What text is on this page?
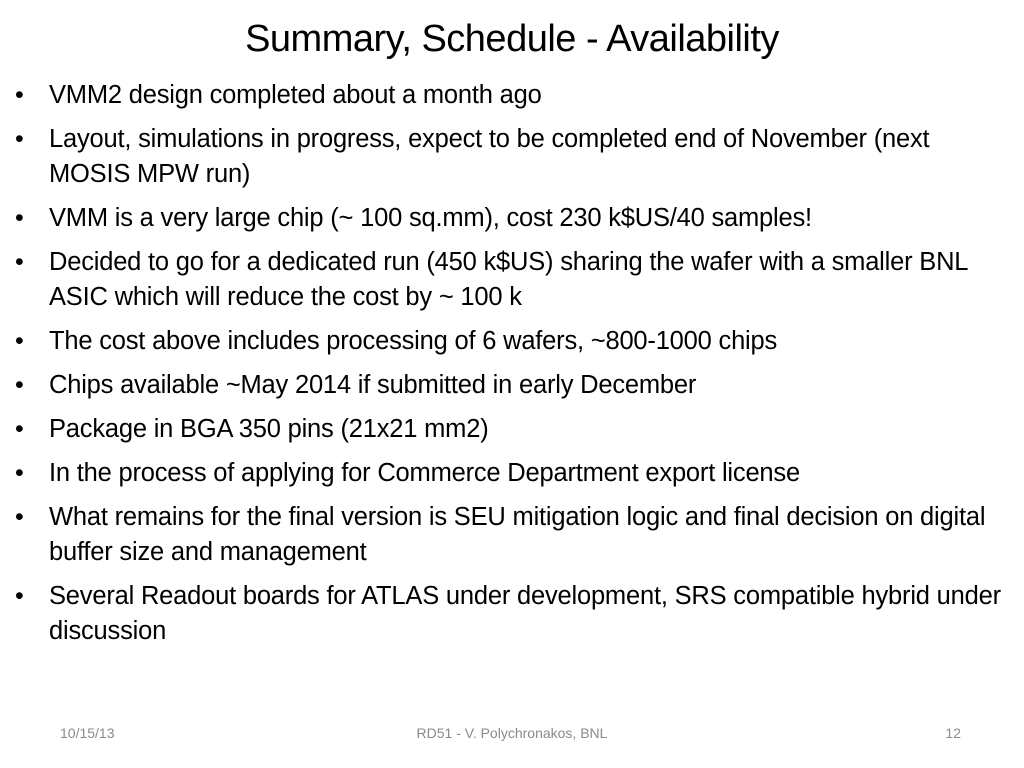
Summary, Schedule - Availability
• VMM2 design completed about a month ago
• Layout, simulations in progress, expect to be completed end of November (next MOSIS MPW run)
• VMM is a very large chip (~ 100 sq.mm), cost 230 k$US/40 samples!
• Decided to go for a dedicated run (450 k$US) sharing the wafer with a smaller BNL ASIC which will reduce the cost by ~ 100 k
• The cost above includes processing of 6 wafers, ~800-1000 chips
• Chips available ~May 2014 if submitted in early December
• Package in BGA 350 pins (21x21 mm2)
• In the process of applying for Commerce Department export license
• What remains for the final version is SEU mitigation logic and final decision on digital buffer size and management
• Several Readout boards for ATLAS under development, SRS compatible hybrid under discussion
10/15/13	RD51 - V. Polychronakos, BNL	12
